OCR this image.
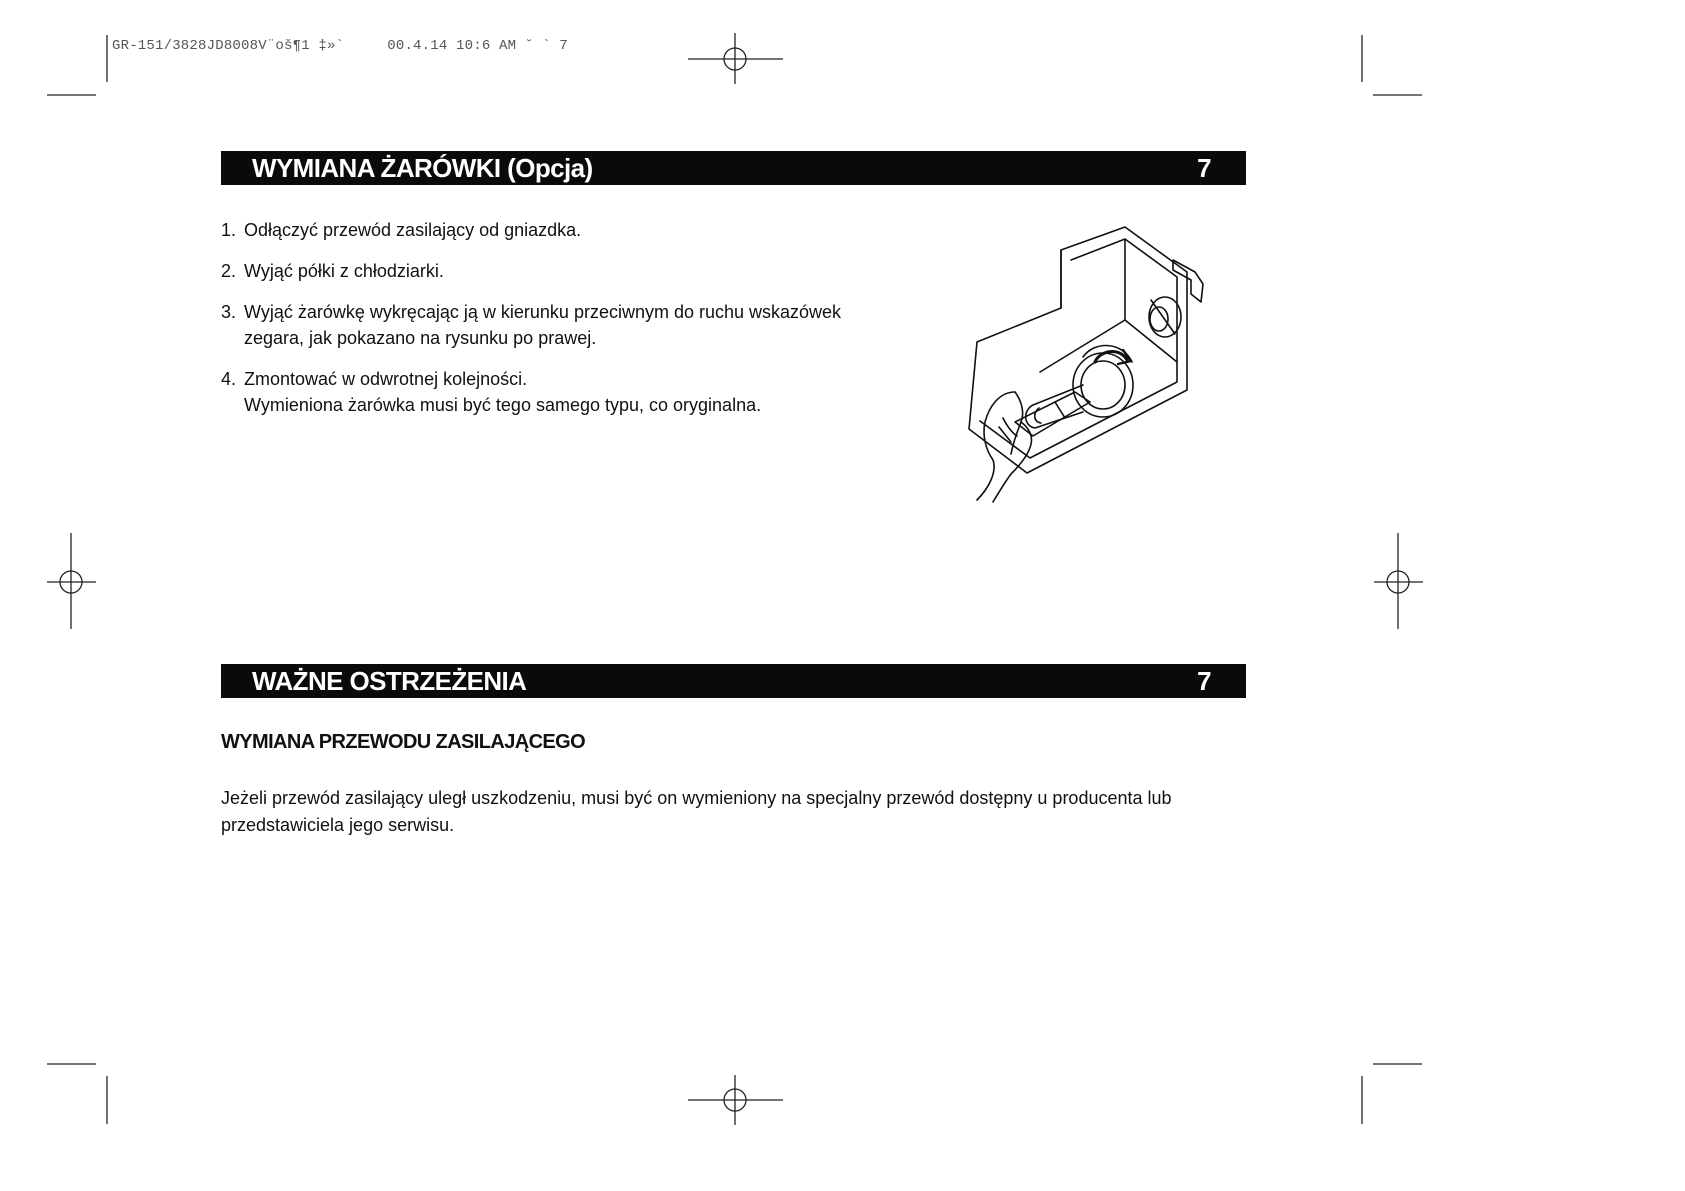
GR-151/3828JD8008V¨oš¶1 ‡»`     00.4.14 10:6 AM ˘ ` 7
WYMIANA ŻARÓWKI (Opcja)	7
1. Odłączyć przewód zasilający od gniazdka.
2. Wyjąć półki z chłodziarki.
3. Wyjąć żarówkę wykręcając ją w kierunku przeciwnym do ruchu wskazówek
zegara, jak pokazano na rysunku po prawej.
4. Zmontować w odwrotnej kolejności.
Wymieniona żarówka musi być tego samego typu, co oryginalna.
WAŻNE OSTRZEŻENIA	7
WYMIANA PRZEWODU ZASILAJĄCEGO
Jeżeli przewód zasilający uległ uszkodzeniu, musi być on wymieniony na specjalny przewód dostępny u producenta lub
przedstawiciela jego serwisu.
